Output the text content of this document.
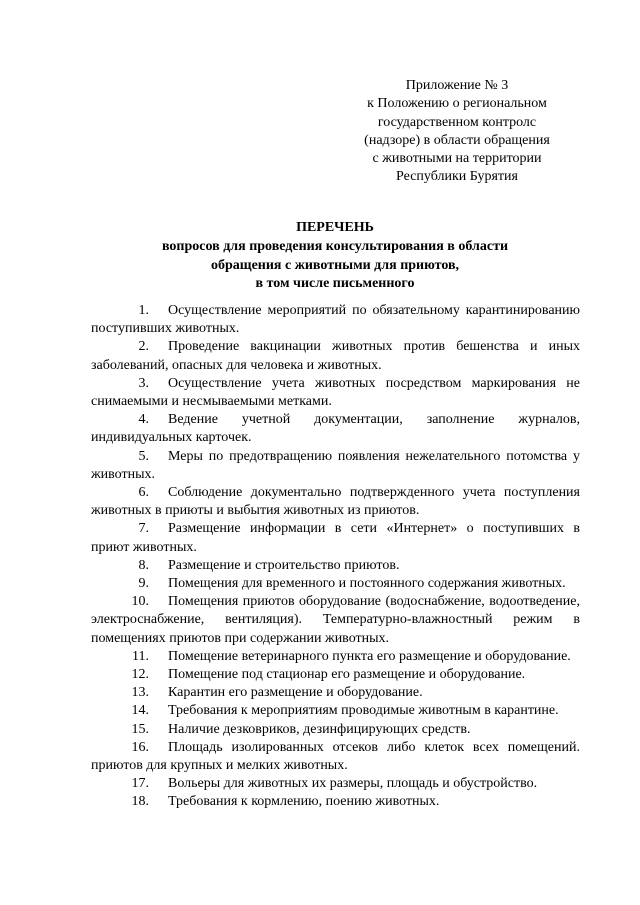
Приложение № 3
к Положению о региональном
государственном контролс
(надзоре) в области обращения
с животными на территории
Республики Бурятия
ПЕРЕЧЕНЬ
вопросов для проведения консультирования в области
обращения с животными для приютов,
в том числе письменного
1.	Осуществление мероприятий по обязательному карантинированию поступивших животных.

2.	Проведение вакцинации животных против бешенства и иных заболеваний, опасных для человека и животных.

3.	Осуществление учета животных посредством маркирования не снимаемыми и несмываемыми метками.

4.	Ведение учетной документации, заполнение журналов, индивидуальных карточек.

5.	Меры по предотвращению появления нежелательного потомства у животных.

6.	Соблюдение документально подтвержденного учета поступления животных в приюты и выбытия животных из приютов.

7.	Размещение информации в сети «Интернет» о поступивших в приют животных.

8.	Размещение и строительство приютов.

9.	Помещения для временного и постоянного содержания животных.

10.	Помещения приютов оборудование (водоснабжение, водоотведение, электроснабжение, вентиляция). Температурно-влажностный режим в помещениях приютов при содержании животных.

11.	Помещение ветеринарного пункта его размещение и оборудование.

12.	Помещение под стационар его размещение и оборудование.

13.	Карантин его размещение и оборудование.

14.	Требования к мероприятиям проводимые животным в карантине.

15.	Наличие дезковриков, дезинфицирующих средств.

16.	Площадь изолированных отсеков либо клеток всех помещений. приютов для крупных и мелких животных.

17.	Вольеры для животных их размеры, площадь и обустройство.

18.	Требования к кормлению, поению животных.
